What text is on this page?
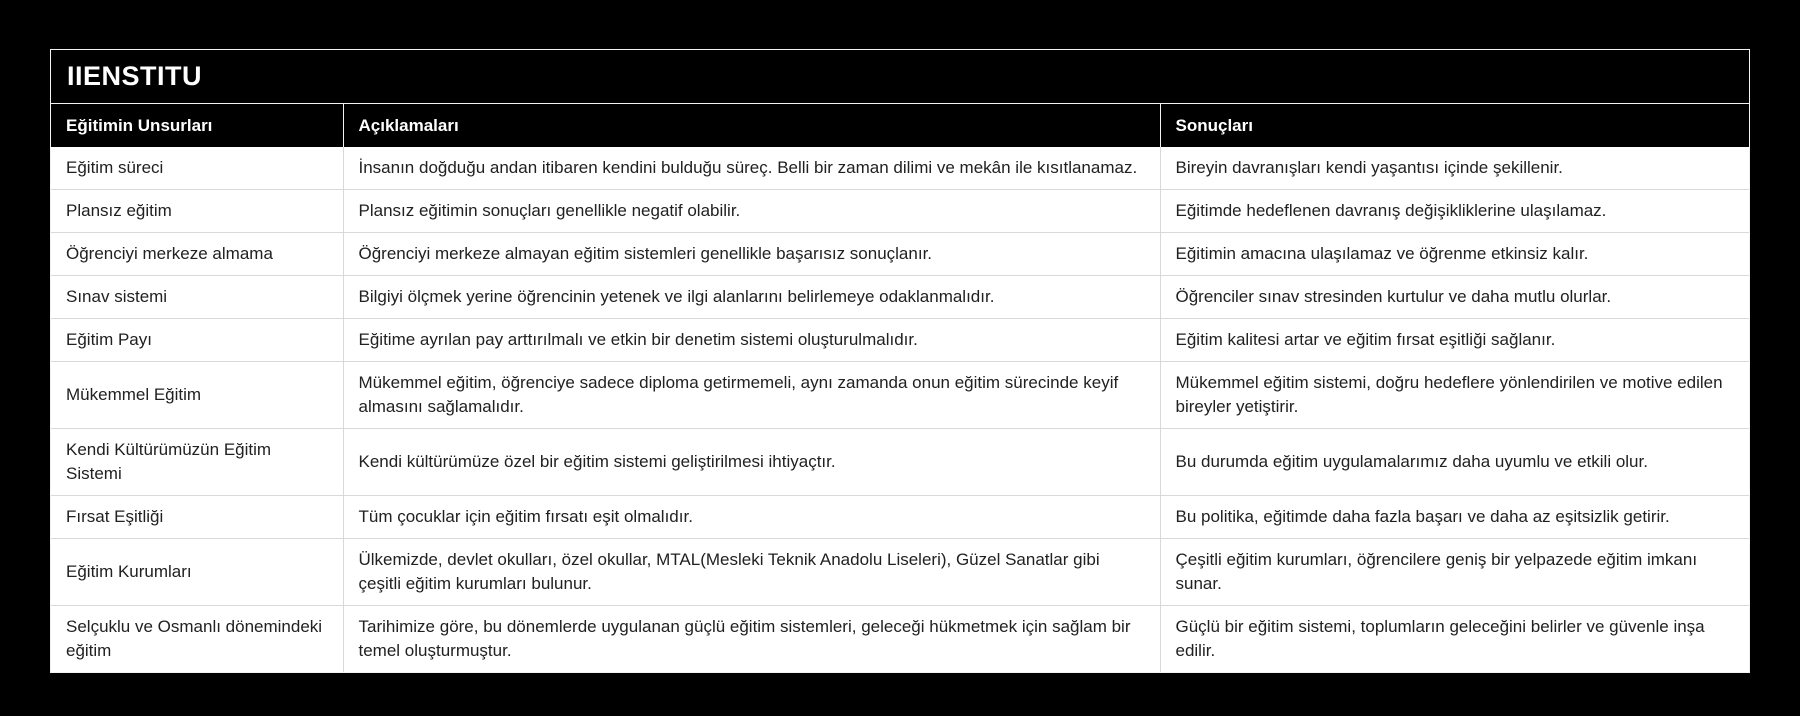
IIENSTITU
Eğitimin Unsurları	Açıklamaları	Sonuçları
Eğitim süreci	İnsanın doğduğu andan itibaren kendini bulduğu süreç. Belli bir zaman dilimi ve mekân ile kısıtlanamaz.	Bireyin davranışları kendi yaşantısı içinde şekillenir.
Plansız eğitim	Plansız eğitimin sonuçları genellikle negatif olabilir.	Eğitimde hedeflenen davranış değişikliklerine ulaşılamaz.
Öğrenciyi merkeze almama	Öğrenciyi merkeze almayan eğitim sistemleri genellikle başarısız sonuçlanır.	Eğitimin amacına ulaşılamaz ve öğrenme etkinsiz kalır.
Sınav sistemi	Bilgiyi ölçmek yerine öğrencinin yetenek ve ilgi alanlarını belirlemeye odaklanmalıdır.	Öğrenciler sınav stresinden kurtulur ve daha mutlu olurlar.
Eğitim Payı	Eğitime ayrılan pay arttırılmalı ve etkin bir denetim sistemi oluşturulmalıdır.	Eğitim kalitesi artar ve eğitim fırsat eşitliği sağlanır.
Mükemmel Eğitim	Mükemmel eğitim, öğrenciye sadece diploma getirmemeli, aynı zamanda onun eğitim sürecinde keyif almasını sağlamalıdır.	Mükemmel eğitim sistemi, doğru hedeflere yönlendirilen ve motive edilen bireyler yetiştirir.
Kendi Kültürümüzün Eğitim Sistemi	Kendi kültürümüze özel bir eğitim sistemi geliştirilmesi ihtiyaçtır.	Bu durumda eğitim uygulamalarımız daha uyumlu ve etkili olur.
Fırsat Eşitliği	Tüm çocuklar için eğitim fırsatı eşit olmalıdır.	Bu politika, eğitimde daha fazla başarı ve daha az eşitsizlik getirir.
Eğitim Kurumları	Ülkemizde, devlet okulları, özel okullar, MTAL(Mesleki Teknik Anadolu Liseleri), Güzel Sanatlar gibi çeşitli eğitim kurumları bulunur.	Çeşitli eğitim kurumları, öğrencilere geniş bir yelpazede eğitim imkanı sunar.
Selçuklu ve Osmanlı dönemindeki eğitim	Tarihimize göre, bu dönemlerde uygulanan güçlü eğitim sistemleri, geleceği hükmetmek için sağlam bir temel oluşturmuştur.	Güçlü bir eğitim sistemi, toplumların geleceğini belirler ve güvenle inşa edilir.
